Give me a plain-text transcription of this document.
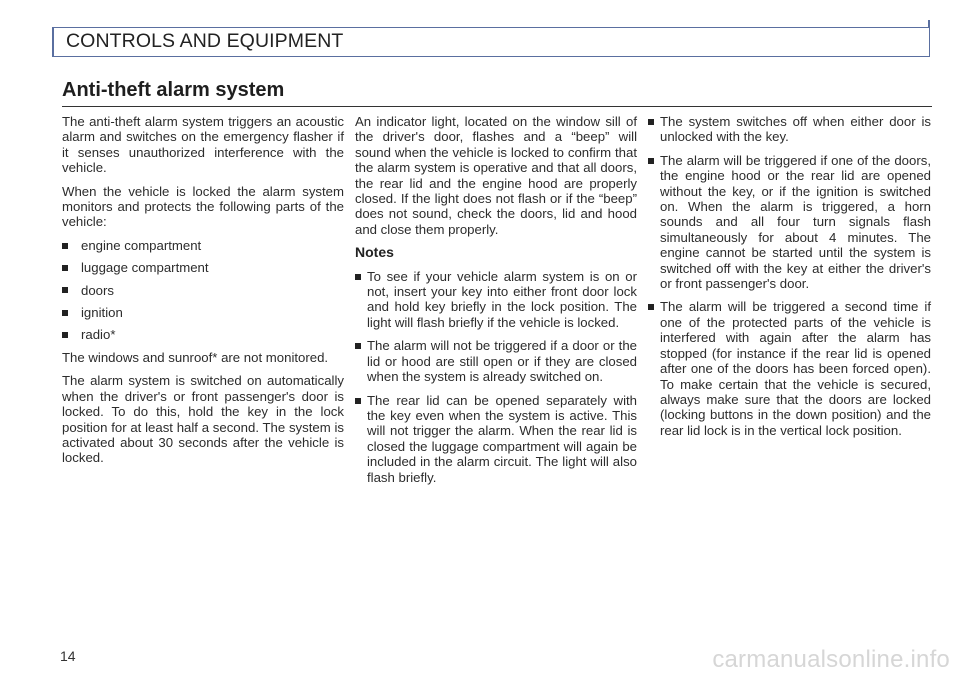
CONTROLS AND EQUIPMENT
Anti-theft alarm system

The anti-theft alarm system triggers an acoustic alarm and switches on the emergency flasher if it senses unauthorized interference with the vehicle.

When the vehicle is locked the alarm system monitors and protects the following parts of the vehicle:

engine compartment
luggage compartment
doors
ignition
radio*

The windows and sunroof* are not monitored.

The alarm system is switched on automatically when the driver's or front passenger's door is locked. To do this, hold the key in the lock position for at least half a second. The system is activated about 30 seconds after the vehicle is locked.

An indicator light, located on the window sill of the driver's door, flashes and a “beep” will sound when the vehicle is locked to confirm that the alarm system is operative and that all doors, the rear lid and the engine hood are properly closed. If the light does not flash or if the “beep” does not sound, check the doors, lid and hood and close them properly.

Notes
To see if your vehicle alarm system is on or not, insert your key into either front door lock and hold key briefly in the lock position. The light will flash briefly if the vehicle is locked.
The alarm will not be triggered if a door or the lid or hood are still open or if they are closed when the system is already switched on.
The rear lid can be opened separately with the key even when the system is active. This will not trigger the alarm. When the rear lid is closed the luggage compartment will again be included in the alarm circuit. The light will also flash briefly.
The system switches off when either door is unlocked with the key.
The alarm will be triggered if one of the doors, the engine hood or the rear lid are opened without the key, or if the ignition is switched on. When the alarm is triggered, a horn sounds and all four turn signals flash simultaneously for about 4 minutes. The engine cannot be started until the system is switched off with the key at either the driver's or front passenger's door.
The alarm will be triggered a second time if one of the protected parts of the vehicle is interfered with again after the alarm has stopped (for instance if the rear lid is opened after one of the doors has been forced open). To make certain that the vehicle is secured, always make sure that the doors are locked (locking buttons in the down position) and the rear lid lock is in the vertical lock position.
14	carmanualsonline.info
